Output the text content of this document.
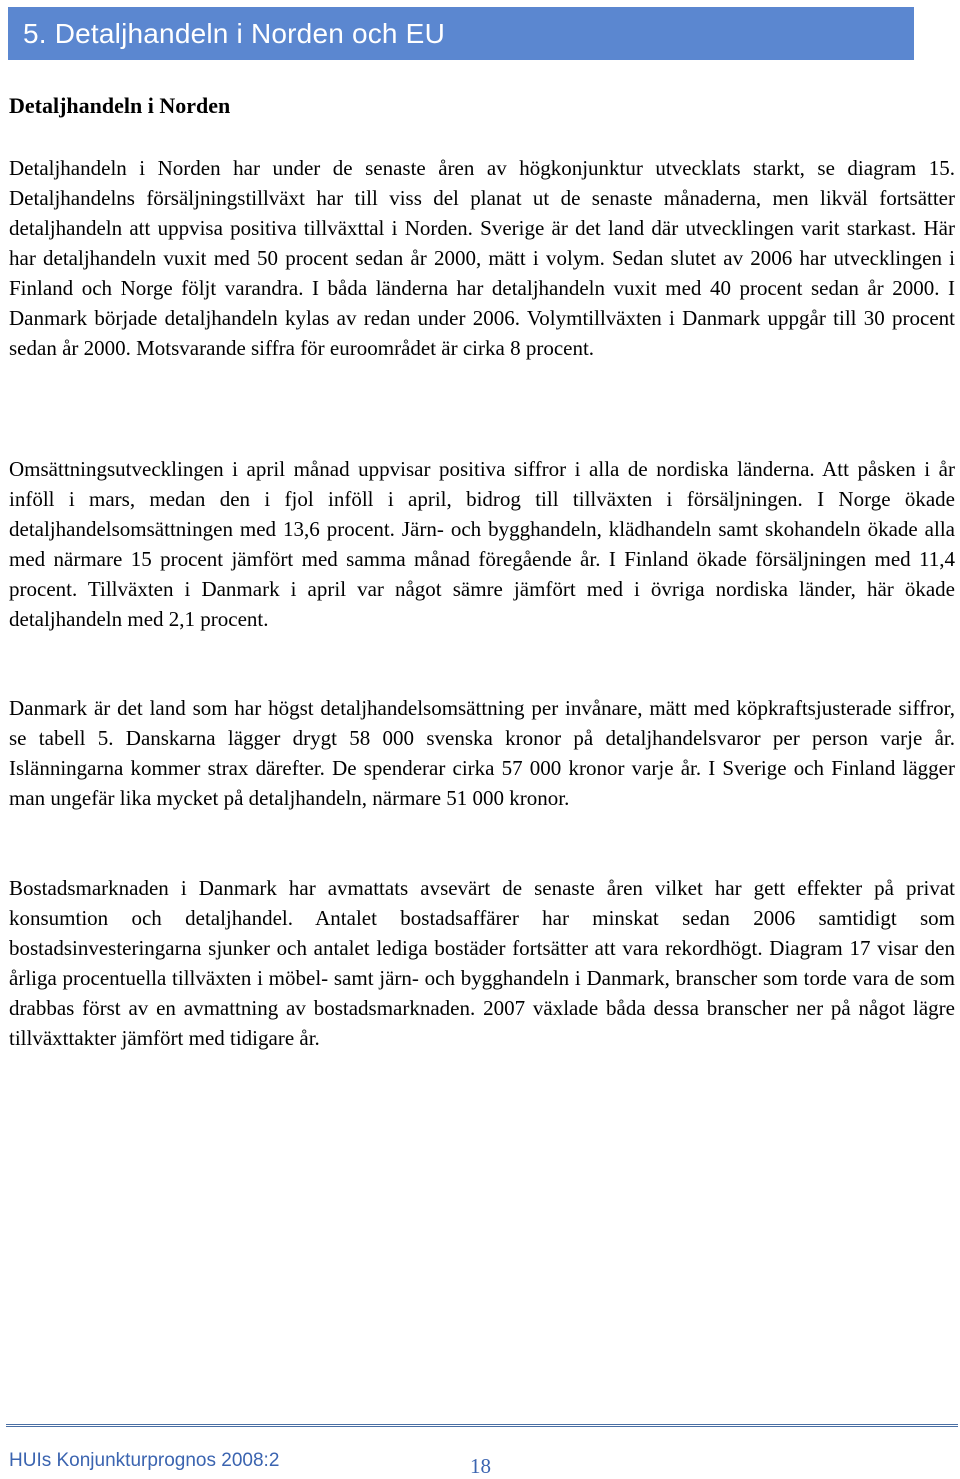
5. Detaljhandeln i Norden och EU
Detaljhandeln i Norden

Detaljhandeln i Norden har under de senaste åren av högkonjunktur utvecklats starkt, se diagram 15. Detaljhandelns försäljningstillväxt har till viss del planat ut de senaste månaderna, men likväl fortsätter detaljhandeln att uppvisa positiva tillväxttal i Norden. Sverige är det land där utvecklingen varit starkast. Här har detaljhandeln vuxit med 50 procent sedan år 2000, mätt i volym. Sedan slutet av 2006 har utvecklingen i Finland och Norge följt varandra. I båda länderna har detaljhandeln vuxit med 40 procent sedan år 2000. I Danmark började detaljhandeln kylas av redan under 2006. Volymtillväxten i Danmark uppgår till 30 procent sedan år 2000. Motsvarande siffra för euroområdet är cirka 8 procent.

Omsättningsutvecklingen i april månad uppvisar positiva siffror i alla de nordiska länderna. Att påsken i år inföll i mars, medan den i fjol inföll i april, bidrog till tillväxten i försäljningen. I Norge ökade detaljhandelsomsättningen med 13,6 procent. Järn- och bygghandeln, klädhandeln samt skohandeln ökade alla med närmare 15 procent jämfört med samma månad föregående år. I Finland ökade försäljningen med 11,4 procent. Tillväxten i Danmark i april var något sämre jämfört med i övriga nordiska länder, här ökade detaljhandeln med 2,1 procent.

Danmark är det land som har högst detaljhandelsomsättning per invånare, mätt med köpkraftsjusterade siffror, se tabell 5. Danskarna lägger drygt 58 000 svenska kronor på detaljhandelsvaror per person varje år. Islänningarna kommer strax därefter. De spenderar cirka 57 000 kronor varje år. I Sverige och Finland lägger man ungefär lika mycket på detaljhandeln, närmare 51 000 kronor.

Bostadsmarknaden i Danmark har avmattats avsevärt de senaste åren vilket har gett effekter på privat konsumtion och detaljhandel. Antalet bostadsaffärer har minskat sedan 2006 samtidigt som bostadsinvesteringarna sjunker och antalet lediga bostäder fortsätter att vara rekordhögt. Diagram 17 visar den årliga procentuella tillväxten i möbel- samt järn- och bygghandeln i Danmark, branscher som torde vara de som drabbas först av en avmattning av bostadsmarknaden. 2007 växlade båda dessa branscher ner på något lägre tillväxttakter jämfört med tidigare år.

HUIs Konjunkturprognos 2008:2	18
